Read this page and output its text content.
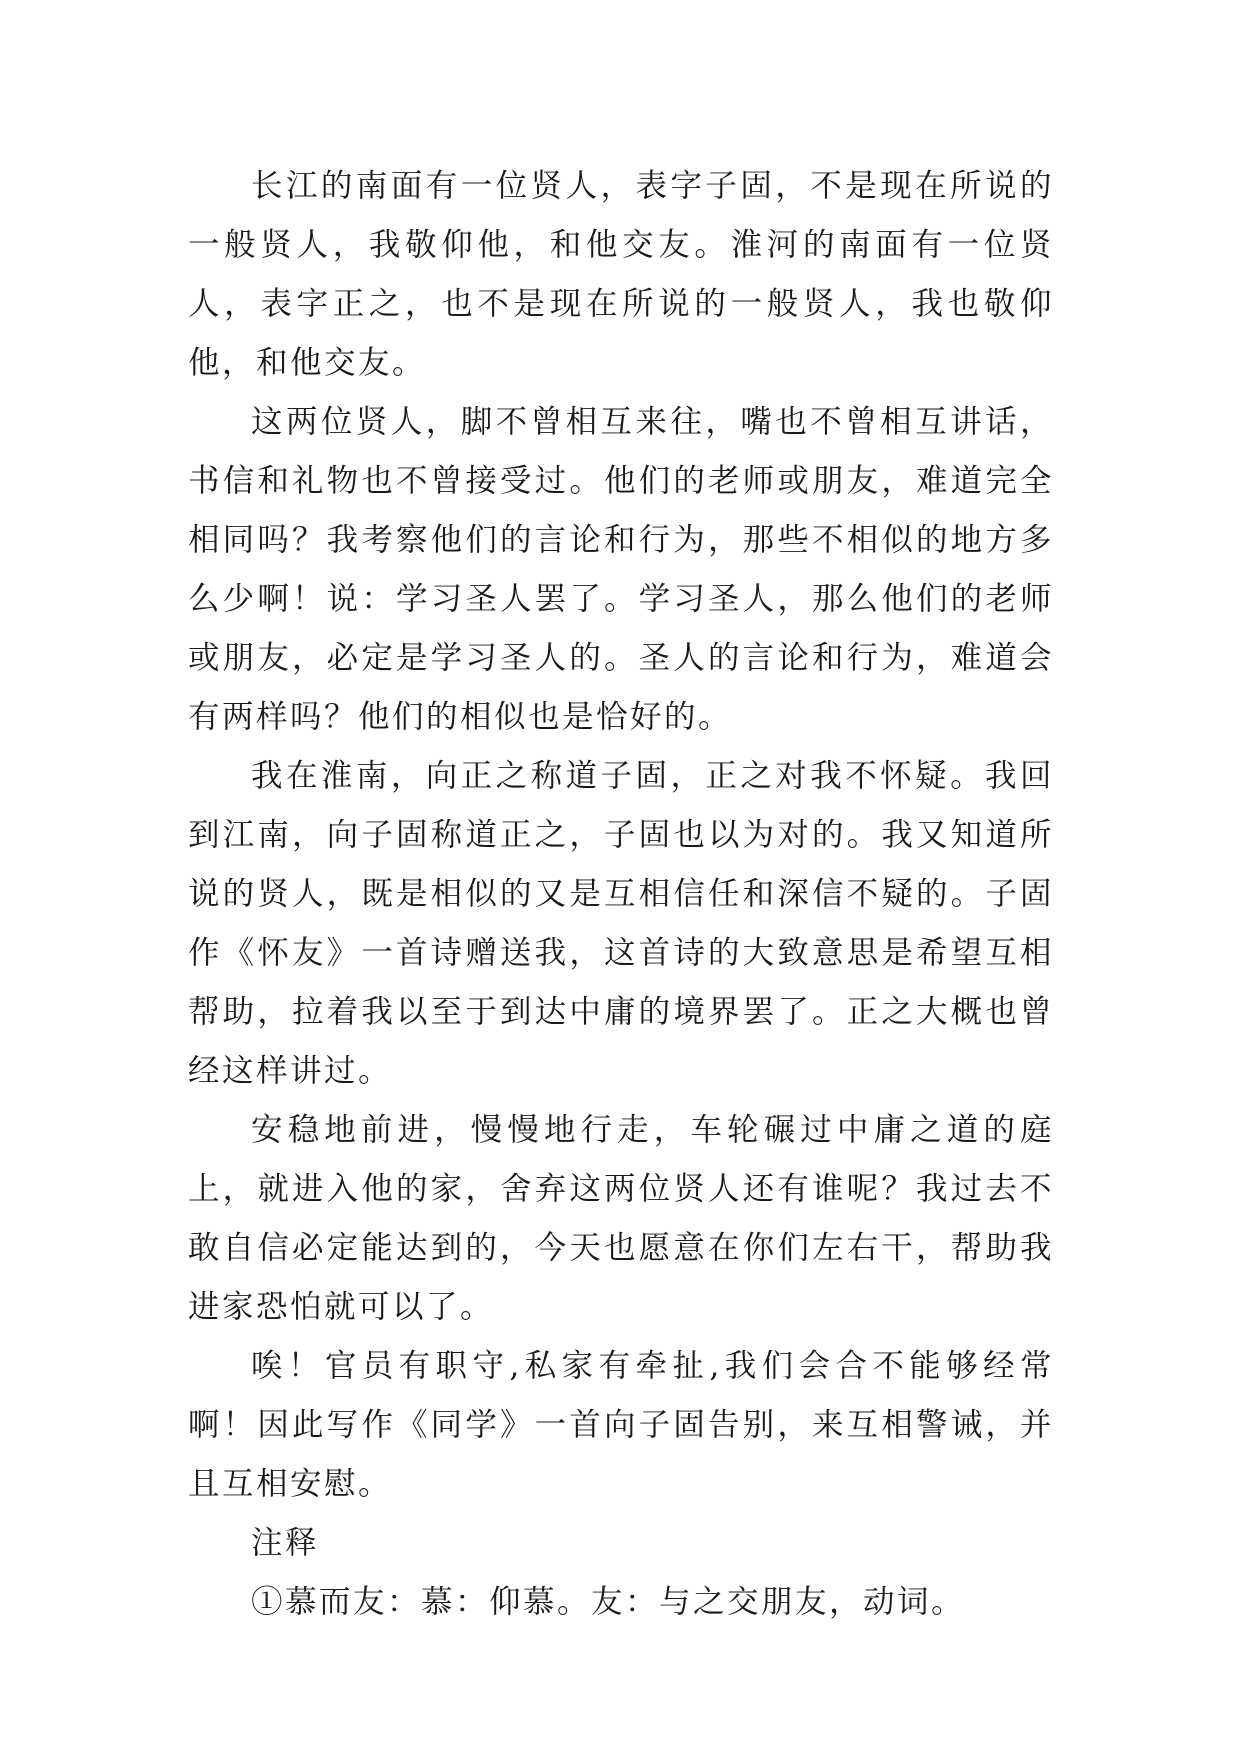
长江的南面有一位贤人，表字子固，不是现在所说的一般贤人，我敬仰他，和他交友。淮河的南面有一位贤人，表字正之，也不是现在所说的一般贤人，我也敬仰他，和他交友。

这两位贤人，脚不曾相互来往，嘴也不曾相互讲话，书信和礼物也不曾接受过。他们的老师或朋友，难道完全相同吗？我考察他们的言论和行为，那些不相似的地方多么少啊！说：学习圣人罢了。学习圣人，那么他们的老师或朋友，必定是学习圣人的。圣人的言论和行为，难道会有两样吗？他们的相似也是恰好的。

我在淮南，向正之称道子固，正之对我不怀疑。我回到江南，向子固称道正之，子固也以为对的。我又知道所说的贤人，既是相似的又是互相信任和深信不疑的。子固作《怀友》一首诗赠送我，这首诗的大致意思是希望互相帮助，拉着我以至于到达中庸的境界罢了。正之大概也曾经这样讲过。

安稳地前进，慢慢地行走，车轮碾过中庸之道的庭上，就进入他的家，舍弃这两位贤人还有谁呢？我过去不敢自信必定能达到的，今天也愿意在你们左右干，帮助我进家恐怕就可以了。

唉！官员有职守,私家有牵扯,我们会合不能够经常啊！因此写作《同学》一首向子固告别，来互相警诫，并且互相安慰。

注释

①慕而友：慕：仰慕。友：与之交朋友，动词。
